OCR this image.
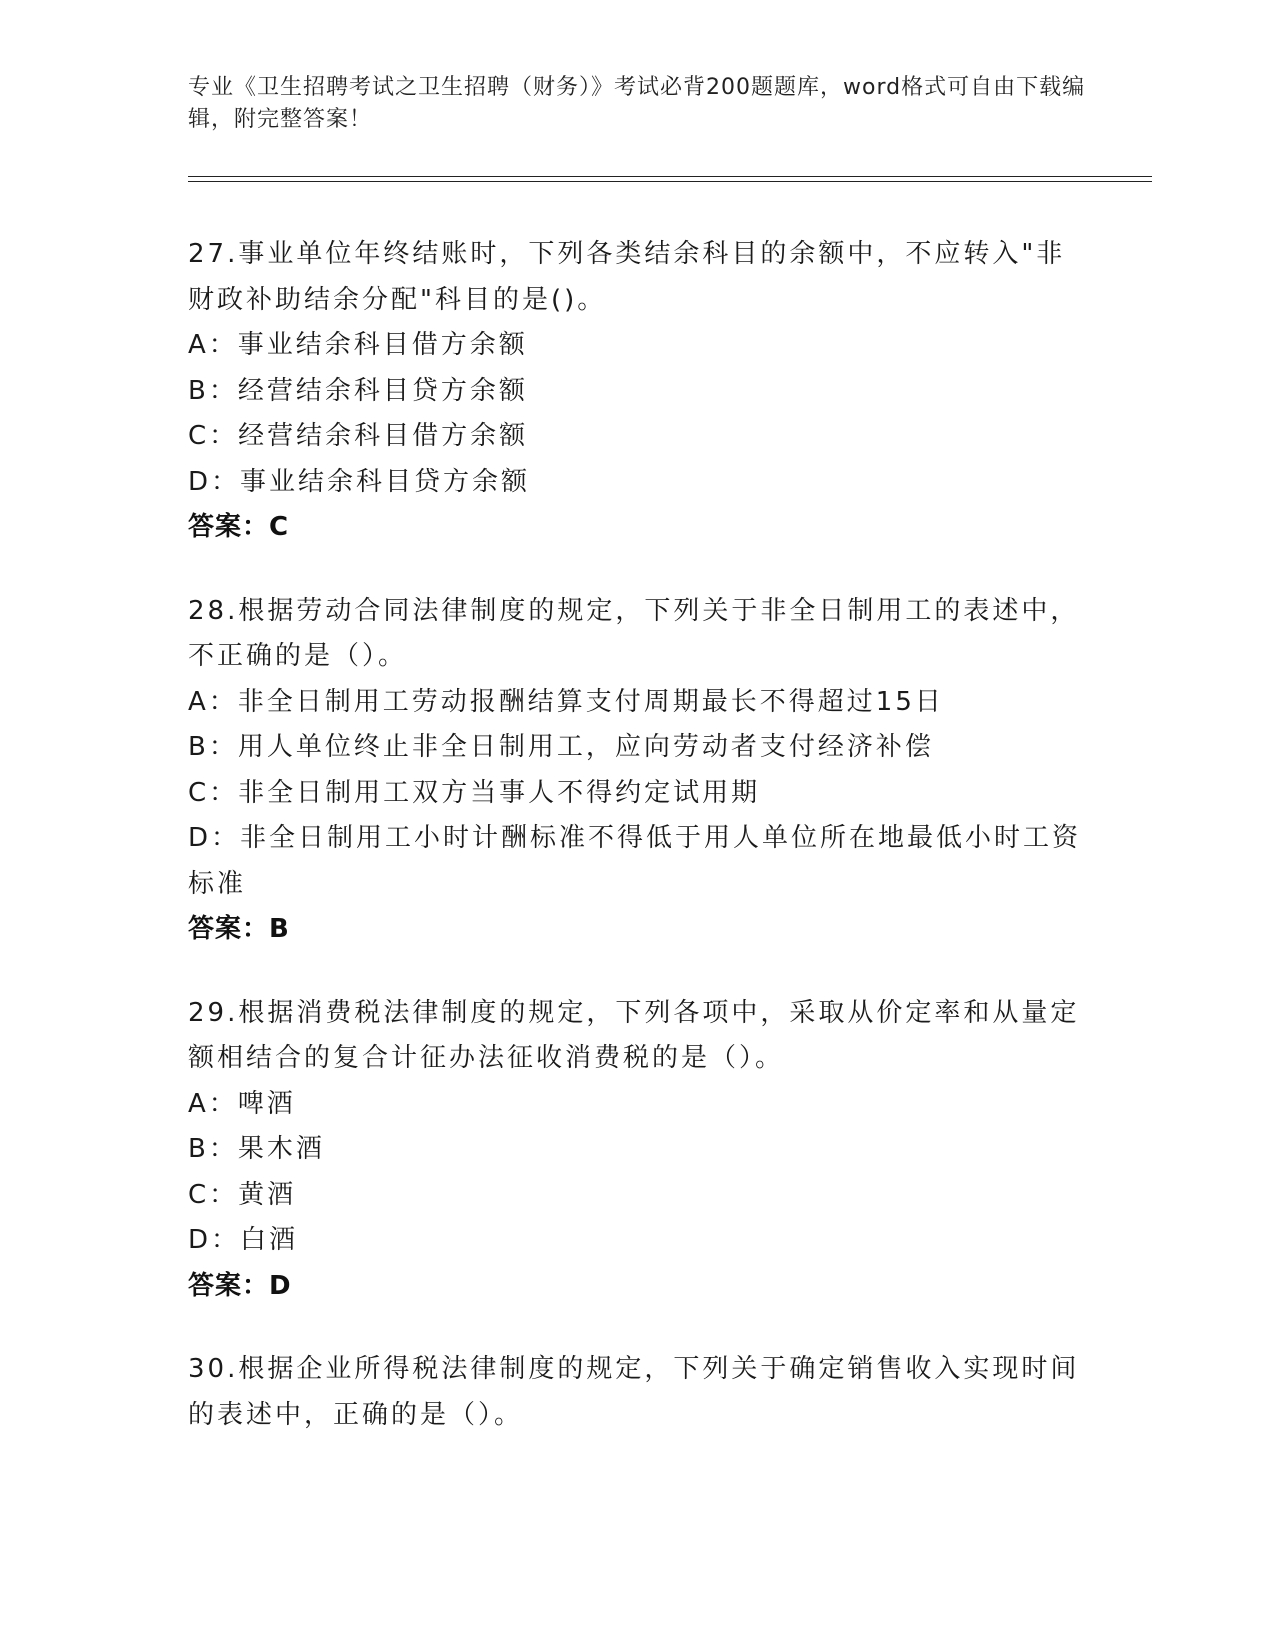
专业《卫生招聘考试之卫生招聘（财务）》考试必背200题题库，word格式可自由下载编辑，附完整答案！
27.事业单位年终结账时，下列各类结余科目的余额中，不应转入"非财政补助结余分配"科目的是()。
A：事业结余科目借方余额
B：经营结余科目贷方余额
C：经营结余科目借方余额
D：事业结余科目贷方余额
答案：C
28.根据劳动合同法律制度的规定，下列关于非全日制用工的表述中，不正确的是（）。
A：非全日制用工劳动报酬结算支付周期最长不得超过15日
B：用人单位终止非全日制用工，应向劳动者支付经济补偿
C：非全日制用工双方当事人不得约定试用期
D：非全日制用工小时计酬标准不得低于用人单位所在地最低小时工资标准
答案：B
29.根据消费税法律制度的规定，下列各项中，采取从价定率和从量定额相结合的复合计征办法征收消费税的是（）。
A：啤酒
B：果木酒
C：黄酒
D：白酒
答案：D
30.根据企业所得税法律制度的规定，下列关于确定销售收入实现时间的表述中，正确的是（）。
